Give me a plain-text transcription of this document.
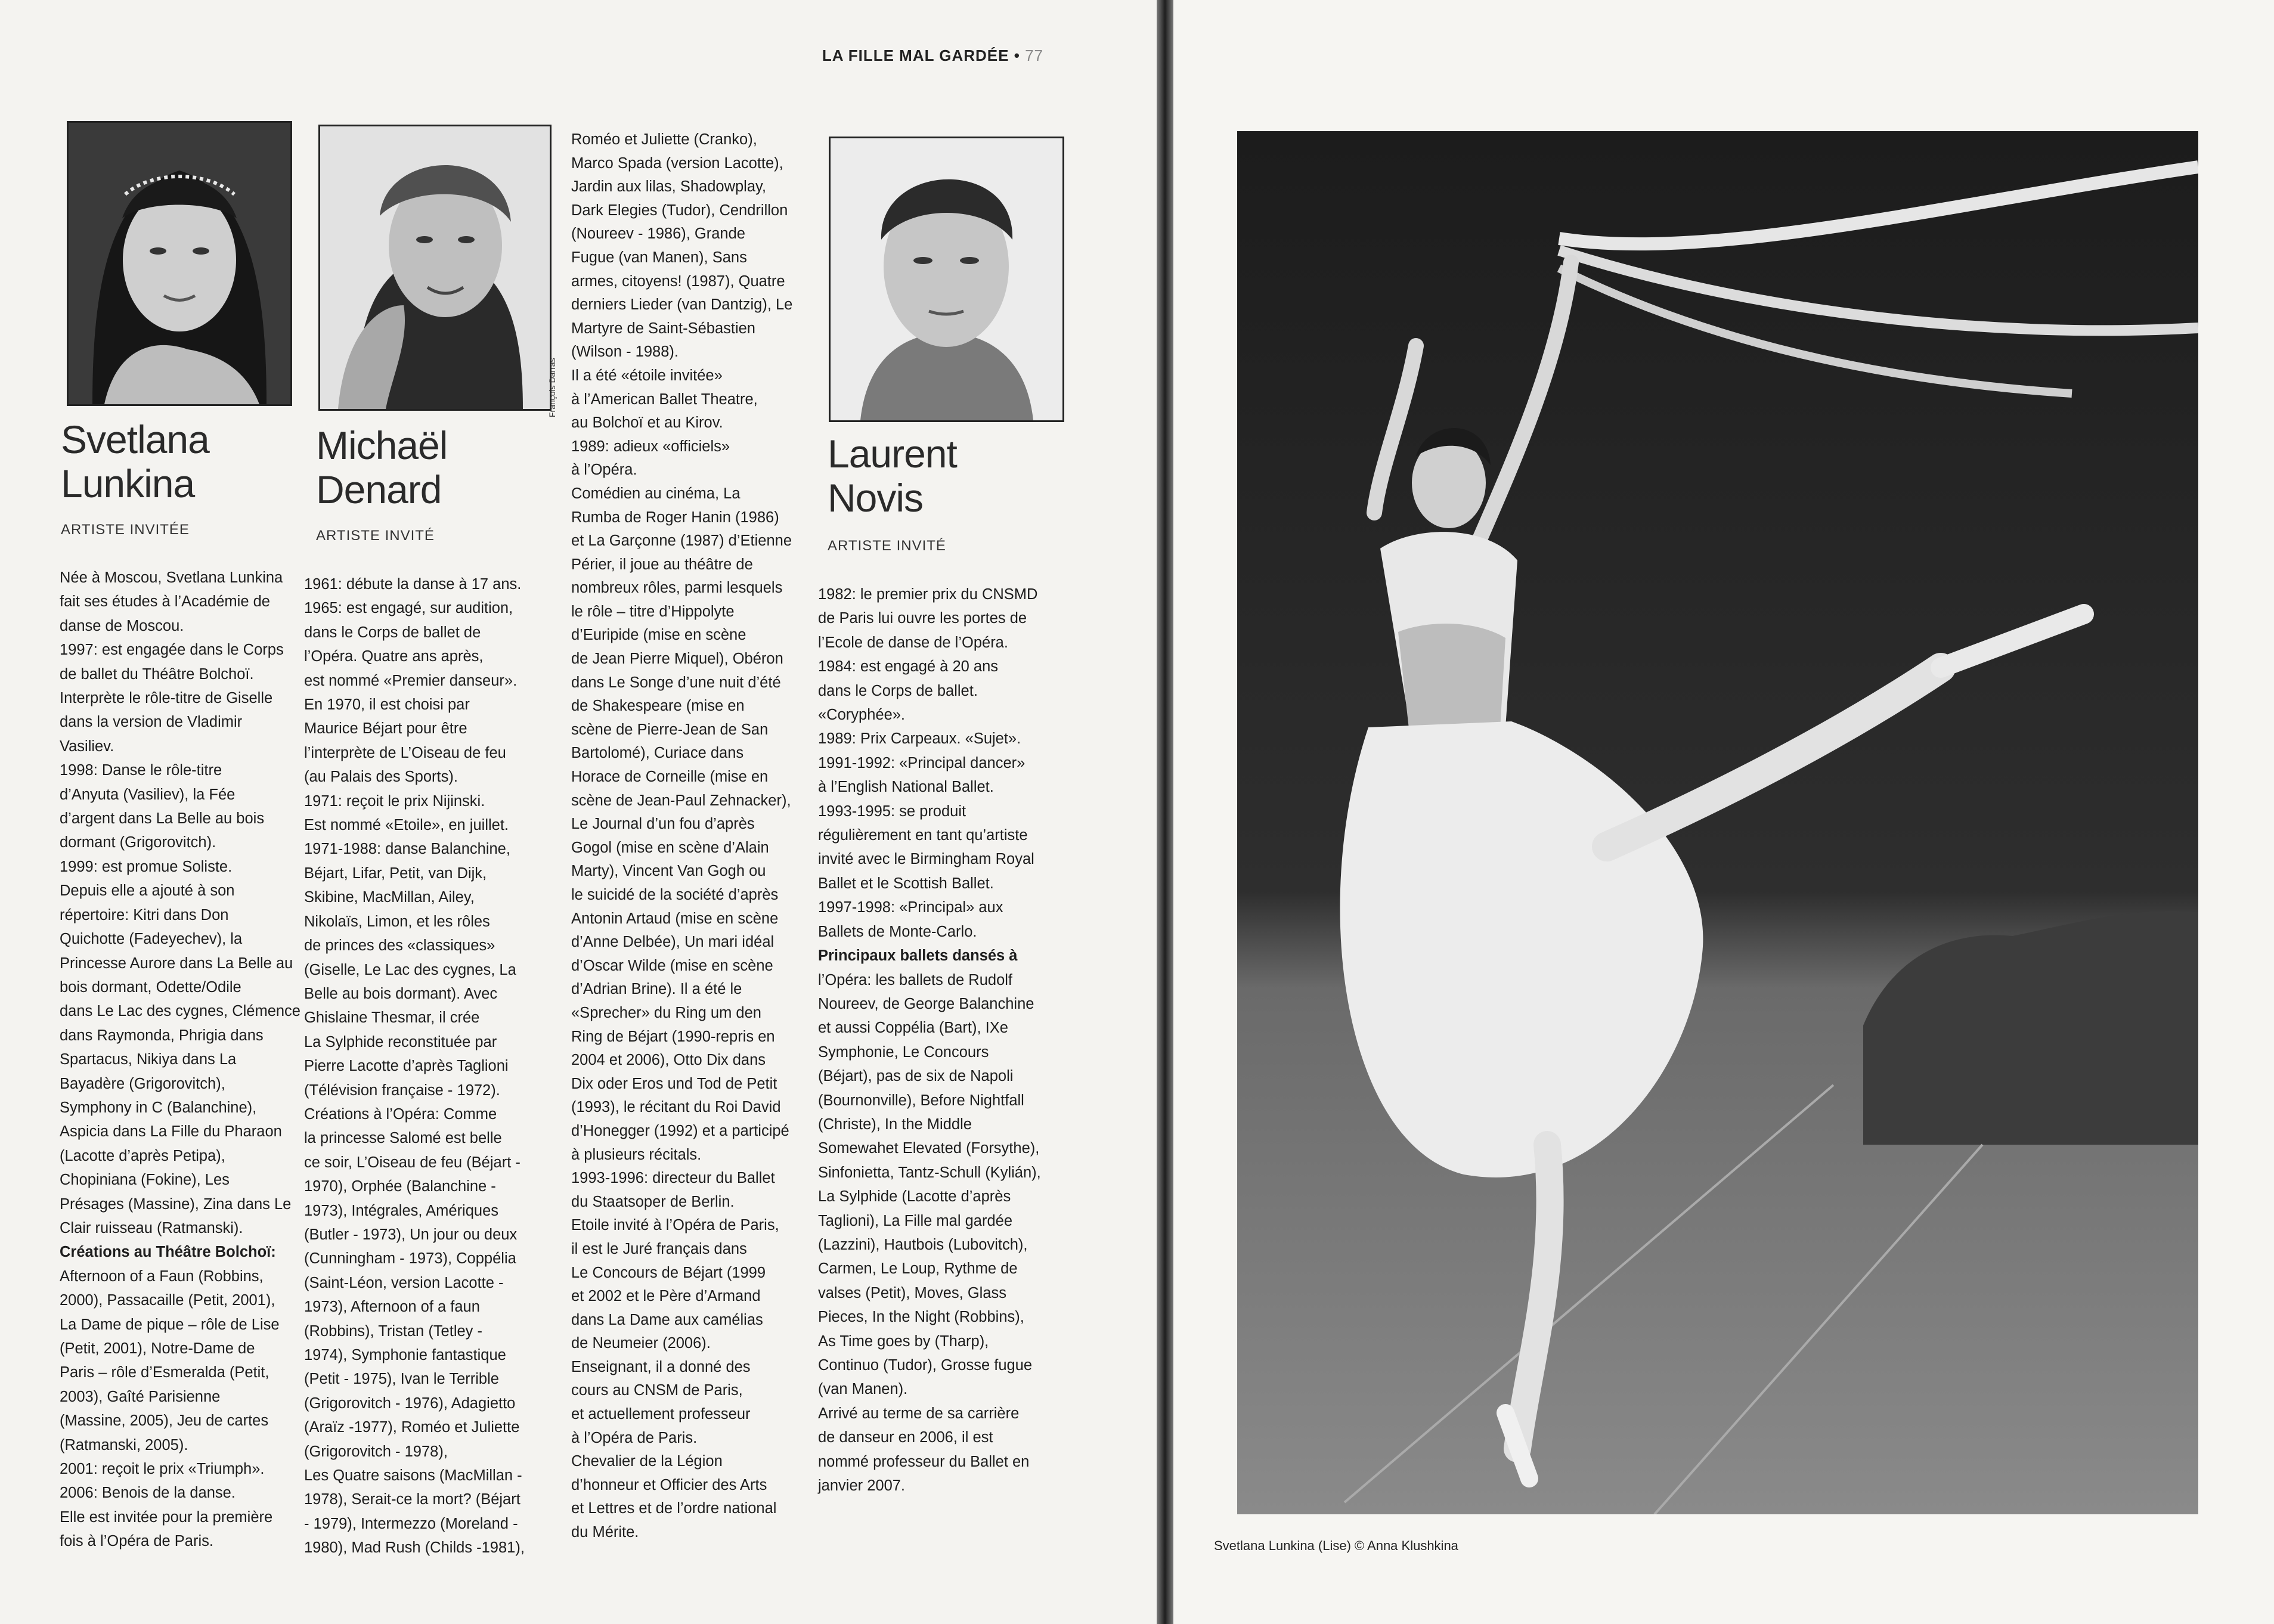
LA FILLE MAL GARDÉE • 77
François Darras
Svetlana
Lunkina
ARTISTE INVITÉE
Michaël
Denard
ARTISTE INVITÉ
Laurent
Novis
ARTISTE INVITÉ
Née à Moscou, Svetlana Lunkina
fait ses études à l’Académie de
danse de Moscou.
1997: est engagée dans le Corps
de ballet du Théâtre Bolchoï.
Interprète le rôle-titre de Giselle
dans la version de Vladimir
Vasiliev.
1998: Danse le rôle-titre
d’Anyuta (Vasiliev), la Fée
d’argent dans La Belle au bois
dormant (Grigorovitch).
1999: est promue Soliste.
Depuis elle a ajouté à son
répertoire: Kitri dans Don
Quichotte (Fadeyechev), la
Princesse Aurore dans La Belle au
bois dormant, Odette/Odile
dans Le Lac des cygnes, Clémence
dans Raymonda, Phrigia dans
Spartacus, Nikiya dans La
Bayadère (Grigorovitch),
Symphony in C (Balanchine),
Aspicia dans La Fille du Pharaon
(Lacotte d’après Petipa),
Chopiniana (Fokine), Les
Présages (Massine), Zina dans Le
Clair ruisseau (Ratmanski).
Créations au Théâtre Bolchoï:
Afternoon of a Faun (Robbins,
2000), Passacaille (Petit, 2001),
La Dame de pique – rôle de Lise
(Petit, 2001), Notre-Dame de
Paris – rôle d’Esmeralda (Petit,
2003), Gaîté Parisienne
(Massine, 2005), Jeu de cartes
(Ratmanski, 2005).
2001: reçoit le prix «Triumph».
2006: Benois de la danse.
Elle est invitée pour la première
fois à l’Opéra de Paris.
1961: débute la danse à 17 ans.
1965: est engagé, sur audition,
dans le Corps de ballet de
l’Opéra. Quatre ans après,
est nommé «Premier danseur».
En 1970, il est choisi par
Maurice Béjart pour être
l’interprète de L’Oiseau de feu
(au Palais des Sports).
1971: reçoit le prix Nijinski.
Est nommé «Etoile», en juillet.
1971-1988: danse Balanchine,
Béjart, Lifar, Petit, van Dijk,
Skibine, MacMillan, Ailey,
Nikolaïs, Limon, et les rôles
de princes des «classiques»
(Giselle, Le Lac des cygnes, La
Belle au bois dormant). Avec
Ghislaine Thesmar, il crée
La Sylphide reconstituée par
Pierre Lacotte d’après Taglioni
(Télévision française - 1972).
Créations à l’Opéra: Comme
la princesse Salomé est belle
ce soir, L’Oiseau de feu (Béjart -
1970), Orphée (Balanchine -
1973), Intégrales, Amériques
(Butler - 1973), Un jour ou deux
(Cunningham - 1973), Coppélia
(Saint-Léon, version Lacotte -
1973), Afternoon of a faun
(Robbins), Tristan (Tetley -
1974), Symphonie fantastique
(Petit - 1975), Ivan le Terrible
(Grigorovitch - 1976), Adagietto
(Araïz -1977), Roméo et Juliette
(Grigorovitch - 1978),
Les Quatre saisons (MacMillan -
1978), Serait-ce la mort? (Béjart
- 1979), Intermezzo (Moreland -
1980), Mad Rush (Childs -1981),
Roméo et Juliette (Cranko),
Marco Spada (version Lacotte),
Jardin aux lilas, Shadowplay,
Dark Elegies (Tudor), Cendrillon
(Noureev - 1986), Grande
Fugue (van Manen), Sans
armes, citoyens! (1987), Quatre
derniers Lieder (van Dantzig), Le
Martyre de Saint-Sébastien
(Wilson - 1988).
Il a été «étoile invitée»
à l’American Ballet Theatre,
au Bolchoï et au Kirov.
1989: adieux «officiels»
à l’Opéra.
Comédien au cinéma, La
Rumba de Roger Hanin (1986)
et La Garçonne (1987) d’Etienne
Périer, il joue au théâtre de
nombreux rôles, parmi lesquels
le rôle – titre d’Hippolyte
d’Euripide (mise en scène
de Jean Pierre Miquel), Obéron
dans Le Songe d’une nuit d’été
de Shakespeare (mise en
scène de Pierre-Jean de San
Bartolomé), Curiace dans
Horace de Corneille (mise en
scène de Jean-Paul Zehnacker),
Le Journal d’un fou d’après
Gogol (mise en scène d’Alain
Marty), Vincent Van Gogh ou
le suicidé de la société d’après
Antonin Artaud (mise en scène
d’Anne Delbée), Un mari idéal
d’Oscar Wilde (mise en scène
d’Adrian Brine). Il a été le
«Sprecher» du Ring um den
Ring de Béjart (1990-repris en
2004 et 2006), Otto Dix dans
Dix oder Eros und Tod de Petit
(1993), le récitant du Roi David
d’Honegger (1992) et a participé
à plusieurs récitals.
1993-1996: directeur du Ballet
du Staatsoper de Berlin.
Etoile invité à l’Opéra de Paris,
il est le Juré français dans
Le Concours de Béjart (1999
et 2002 et le Père d’Armand
dans La Dame aux camélias
de Neumeier (2006).
Enseignant, il a donné des
cours au CNSM de Paris,
et actuellement professeur
à l’Opéra de Paris.
Chevalier de la Légion
d’honneur et Officier des Arts
et Lettres et de l’ordre national
du Mérite.
1982: le premier prix du CNSMD
de Paris lui ouvre les portes de
l’Ecole de danse de l’Opéra.
1984: est engagé à 20 ans
dans le Corps de ballet.
«Coryphée».
1989: Prix Carpeaux. «Sujet».
1991-1992: «Principal dancer»
à l’English National Ballet.
1993-1995: se produit
régulièrement en tant qu’artiste
invité avec le Birmingham Royal
Ballet et le Scottish Ballet.
1997-1998: «Principal» aux
Ballets de Monte-Carlo.
Principaux ballets dansés à
l’Opéra: les ballets de Rudolf
Noureev, de George Balanchine
et aussi Coppélia (Bart), IXe
Symphonie, Le Concours
(Béjart), pas de six de Napoli
(Bournonville), Before Nightfall
(Christe), In the Middle
Somewahet Elevated (Forsythe),
Sinfonietta, Tantz-Schull (Kylián),
La Sylphide (Lacotte d’après
Taglioni), La Fille mal gardée
(Lazzini), Hautbois (Lubovitch),
Carmen, Le Loup, Rythme de
valses (Petit), Moves, Glass
Pieces, In the Night (Robbins),
As Time goes by (Tharp),
Continuo (Tudor), Grosse fugue
(van Manen).
Arrivé au terme de sa carrière
de danseur en 2006, il est
nommé professeur du Ballet en
janvier 2007.
Svetlana Lunkina (Lise) © Anna Klushkina
